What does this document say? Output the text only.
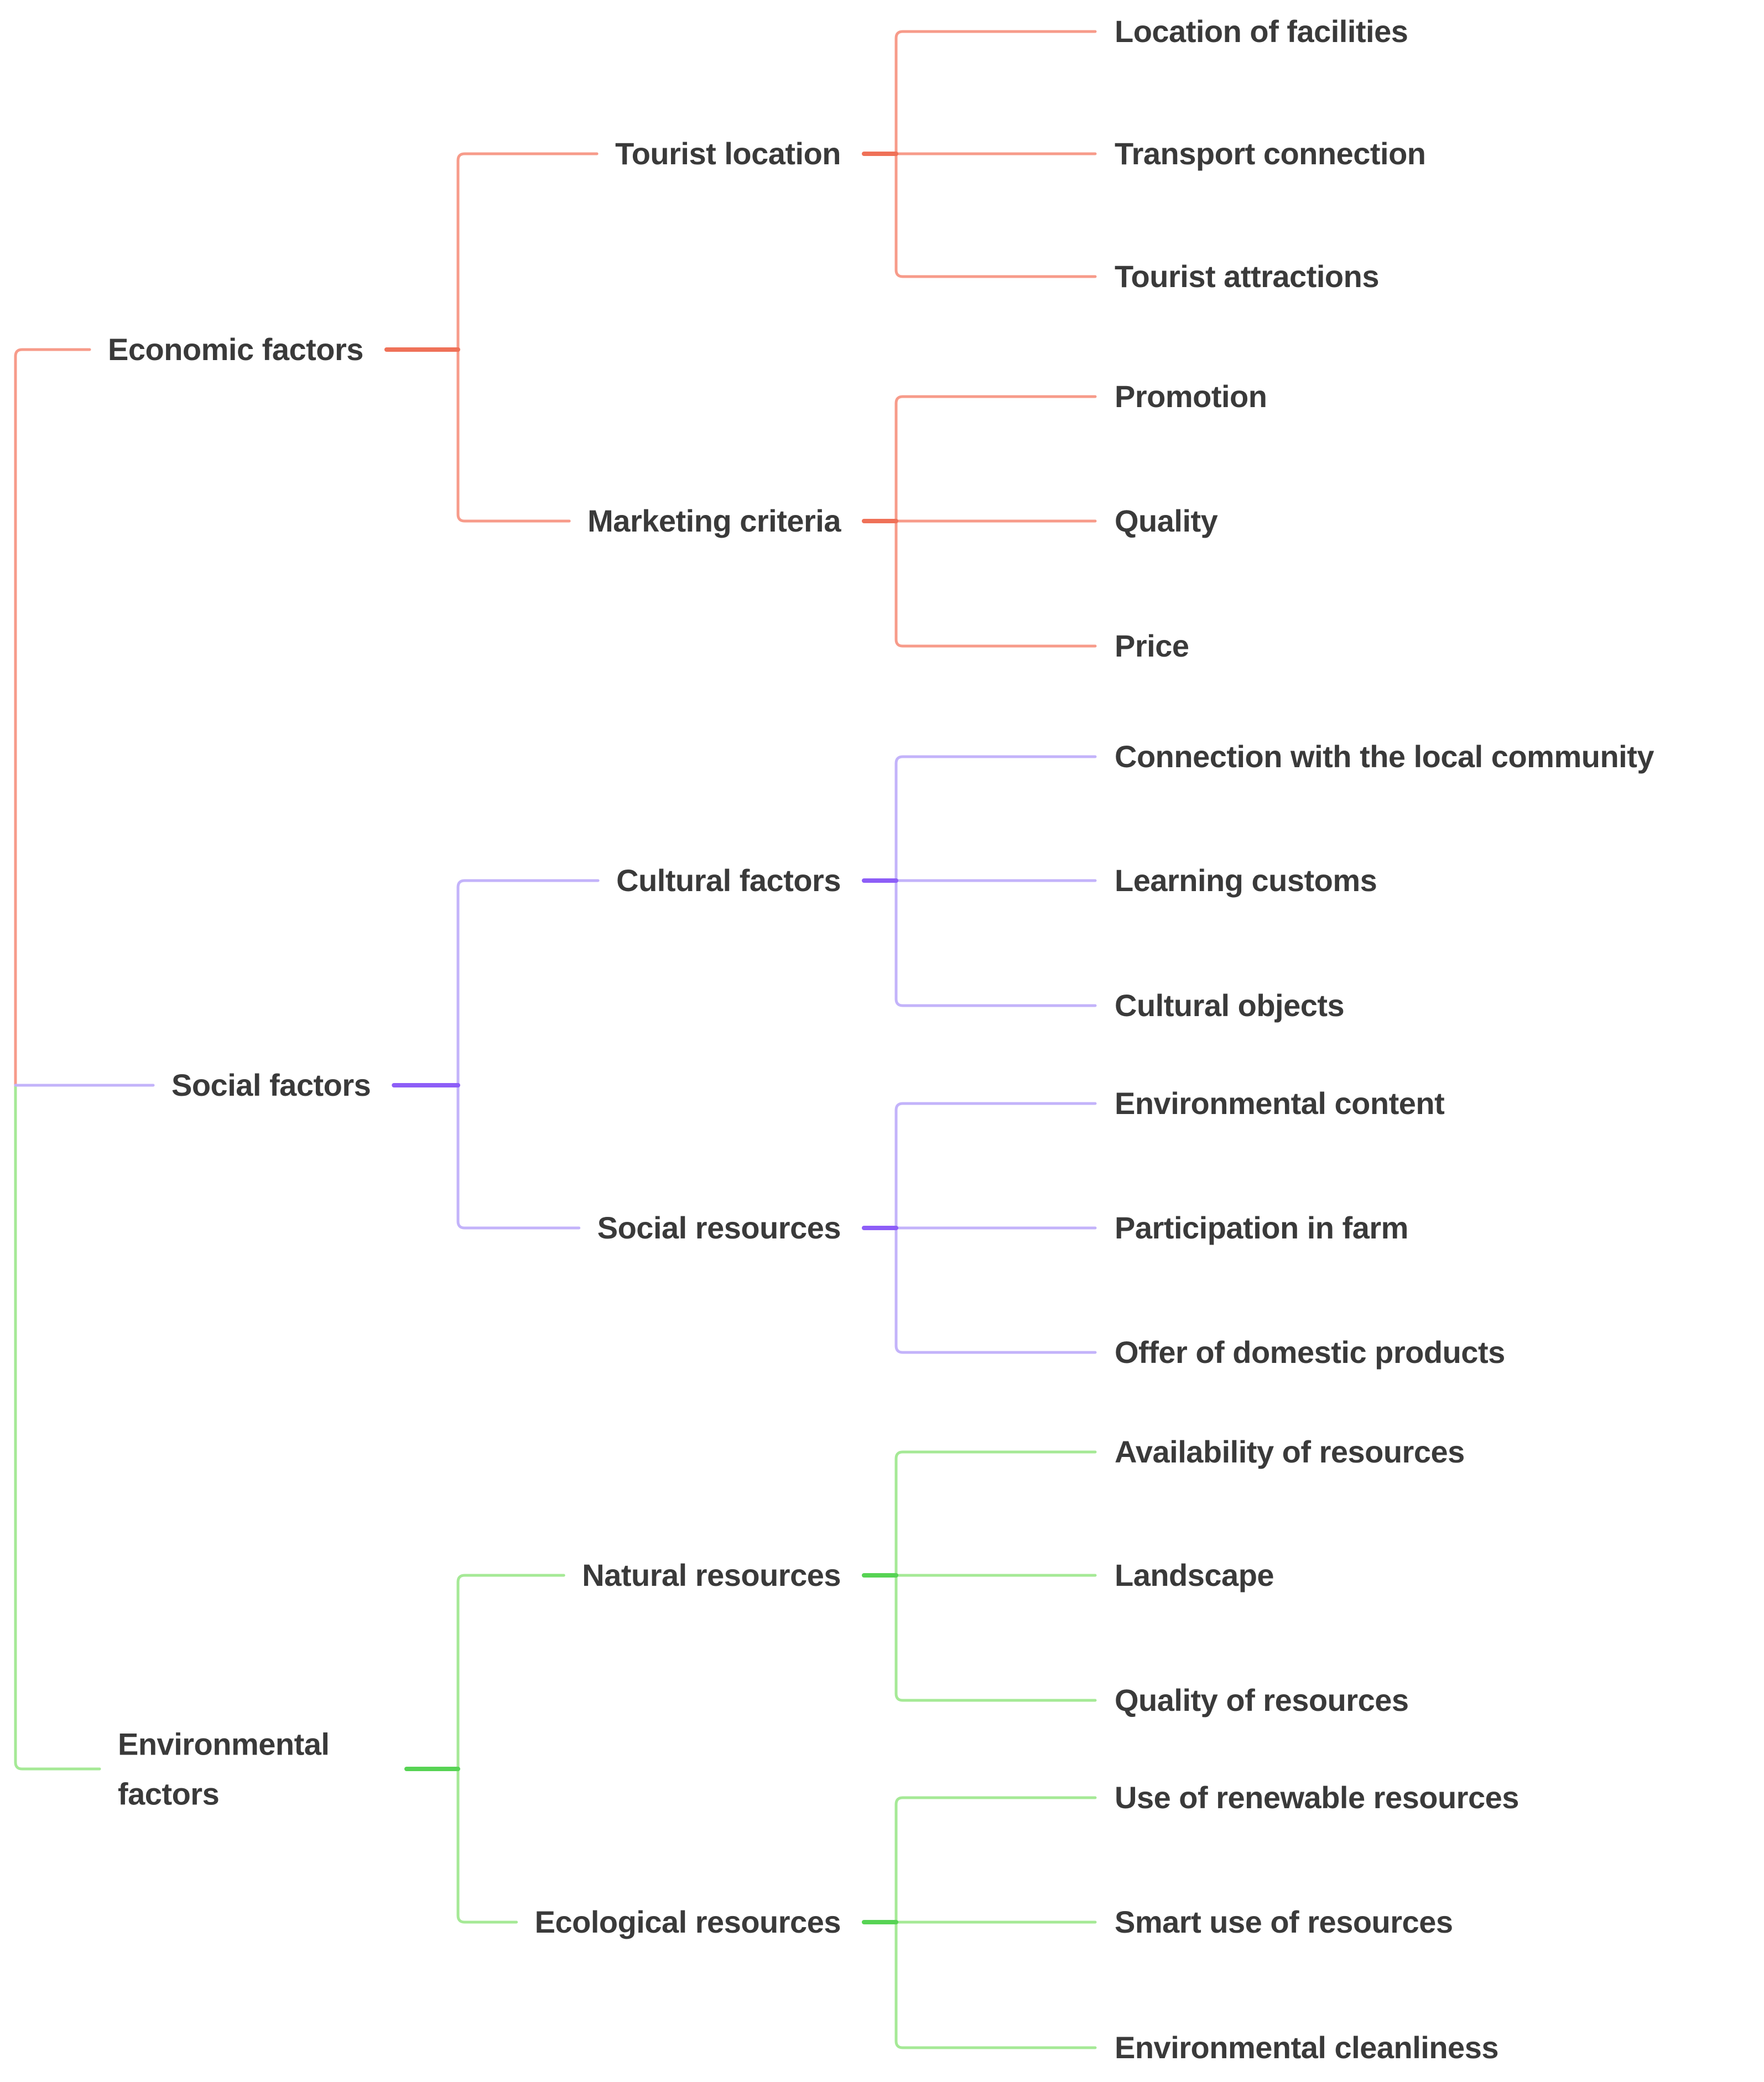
Economic factors
Social factors
Environmental factors
Tourist location
Marketing criteria
Cultural factors
Social resources
Natural resources
Ecological resources
Location of facilities
Transport connection
Tourist attractions
Promotion
Quality
Price
Connection with the local community
Learning customs
Cultural objects
Environmental content
Participation in farm
Offer of domestic products
Availability of resources
Landscape
Quality of resources
Use of renewable resources
Smart use of resources
Environmental cleanliness
